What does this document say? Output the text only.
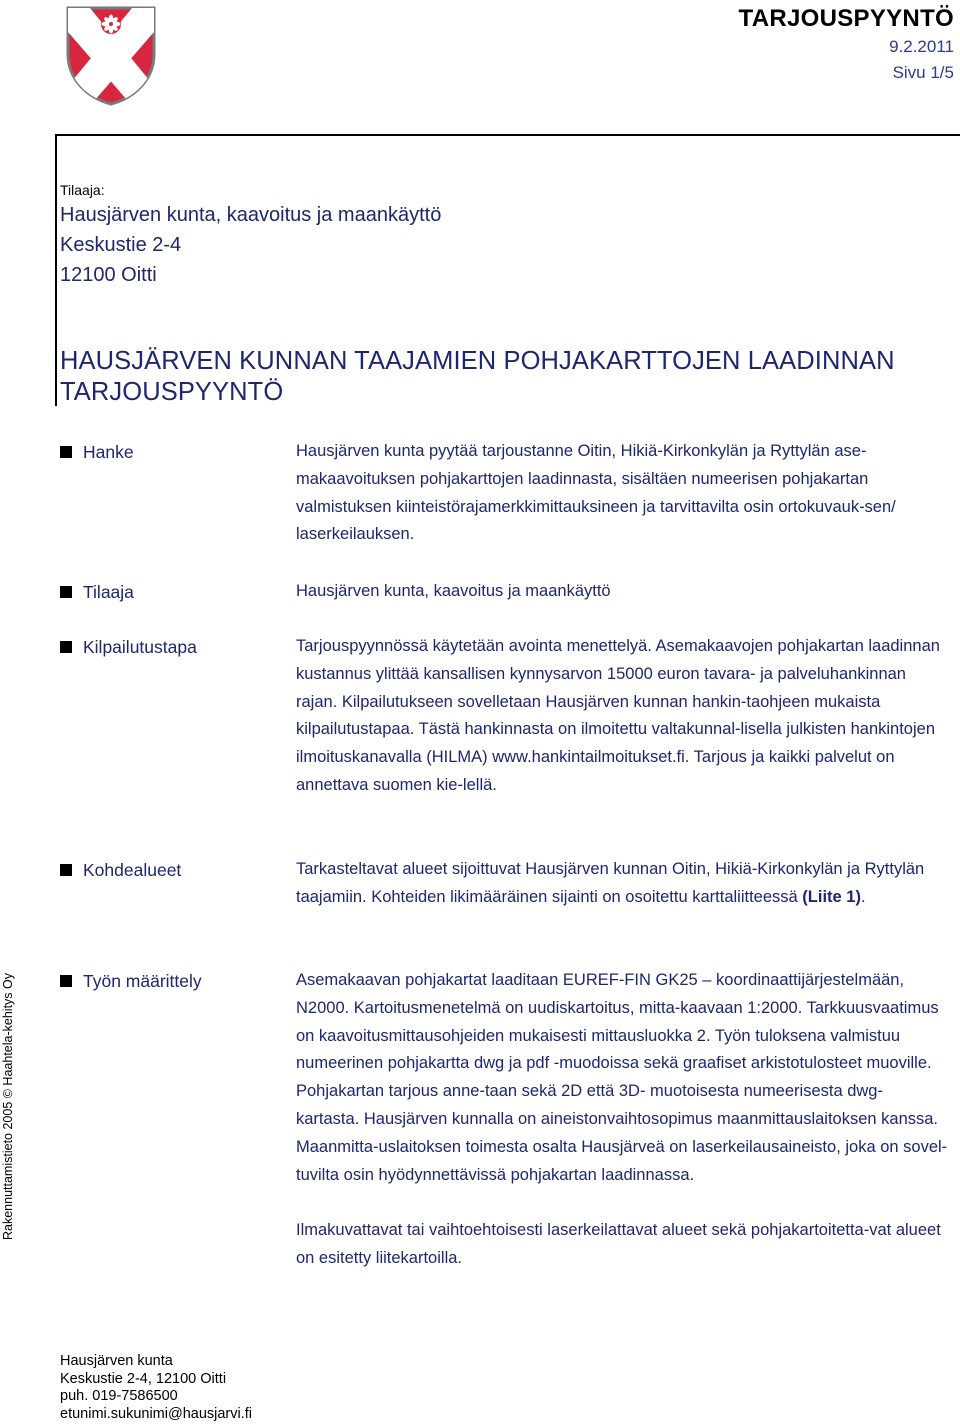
TARJOUSPYYNTÖ
9.2.2011
Sivu 1/5
Tilaaja:
Hausjärven kunta, kaavoitus ja maankäyttö
Keskustie 2-4
12100 Oitti
HAUSJÄRVEN KUNNAN TAAJAMIEN POHJAKARTTOJEN LAADINNAN
TARJOUSPYYNTÖ
Hanke	Hausjärven kunta pyytää tarjoustanne Oitin, Hikiä-Kirkonkylän ja Ryttylän ase-makaavoituksen pohjakarttojen laadinnasta, sisältäen numeerisen pohjakartan valmistuksen kiinteistörajamerkkimittauksineen ja tarvittavilta osin ortokuvauk-sen/ laserkeilauksen.

Tilaaja	Hausjärven kunta, kaavoitus ja maankäyttö

Kilpailutustapa	Tarjouspyynnössä käytetään avointa menettelyä. Asemakaavojen pohjakartan laadinnan kustannus ylittää kansallisen kynnysarvon 15000 euron tavara- ja palveluhankinnan rajan. Kilpailutukseen sovelletaan Hausjärven kunnan hankin-taohjeen mukaista kilpailutustapaa. Tästä hankinnasta on ilmoitettu valtakunnal-lisella julkisten hankintojen ilmoituskanavalla (HILMA) www.hankintailmoitukset.fi. Tarjous ja kaikki palvelut on annettava suomen kie-lellä.

Kohdealueet	Tarkasteltavat alueet sijoittuvat Hausjärven kunnan Oitin, Hikiä-Kirkonkylän ja Ryttylän taajamiin. Kohteiden likimääräinen sijainti on osoitettu karttaliitteessä (Liite 1).

Työn määrittely	Asemakaavan pohjakartat laaditaan EUREF-FIN GK25 – koordinaattijärjestelmään, N2000. Kartoitusmenetelmä on uudiskartoitus, mitta-kaavaan 1:2000. Tarkkuusvaatimus on kaavoitusmittausohjeiden mukaisesti mittausluokka 2. Työn tuloksena valmistuu numeerinen pohjakartta dwg ja pdf -muodoissa sekä graafiset arkistotulosteet muoville. Pohjakartan tarjous anne-taan sekä 2D että 3D- muotoisesta numeerisesta dwg- kartasta. Hausjärven kunnalla on aineistonvaihtosopimus maanmittauslaitoksen kanssa. Maanmitta-uslaitoksen toimesta osalta Hausjärveä on laserkeilausaineisto, joka on sovel-tuvilta osin hyödynnettävissä pohjakartan laadinnassa.

Ilmakuvattavat tai vaihtoehtoisesti laserkeilattavat alueet sekä pohjakartoitetta-vat alueet on esitetty liitekartoilla.

Rakennuttamistieto 2005 © Haahtela-kehitys Oy
Hausjärven kunta
Keskustie 2-4, 12100 Oitti
puh. 019-7586500
etunimi.sukunimi@hausjarvi.fi
